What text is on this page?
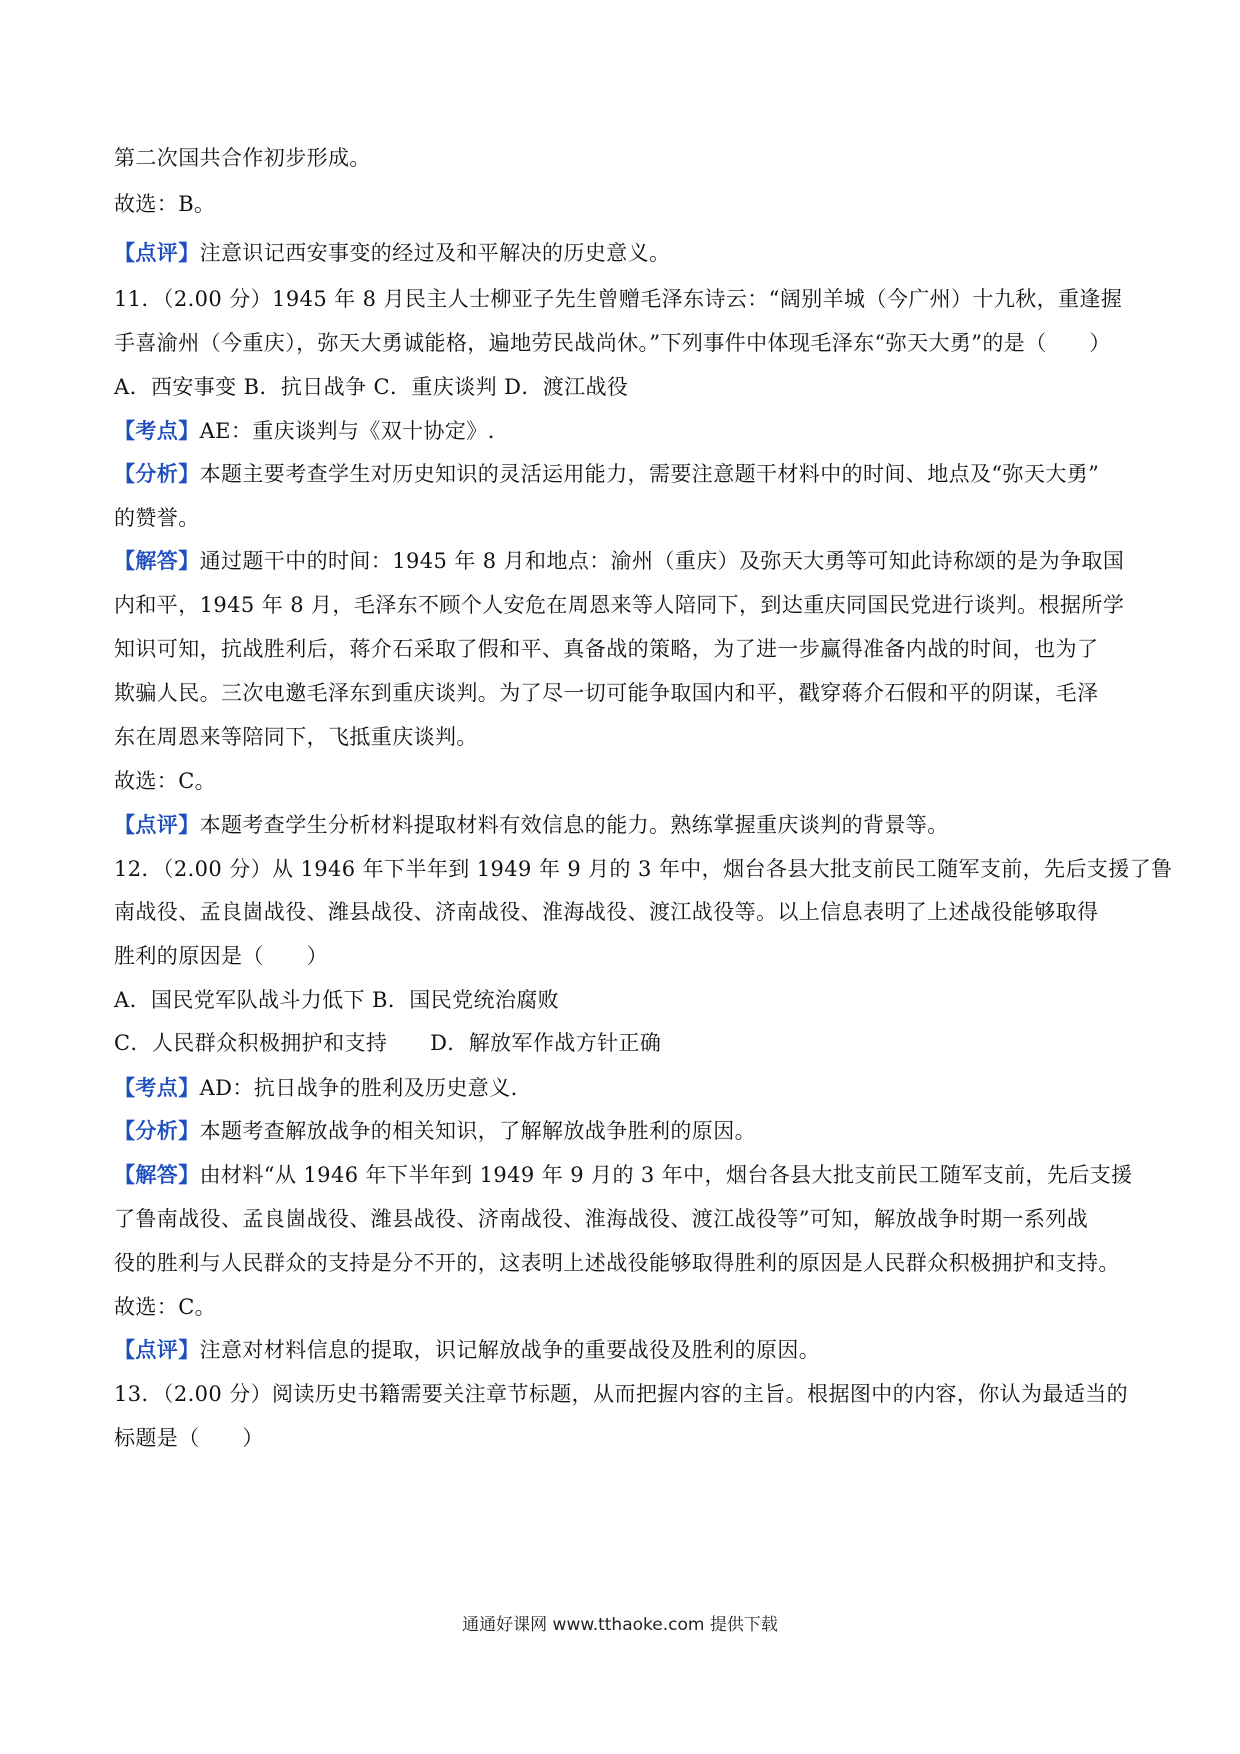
第二次国共合作初步形成。
故选：B。
【点评】注意识记西安事变的经过及和平解决的历史意义。
11．（2.00 分）1945 年 8 月民主人士柳亚子先生曾赠毛泽东诗云：“阔别羊城（今广州）十九秋，重逢握
手喜渝州（今重庆），弥天大勇诚能格，遍地劳民战尚休。”下列事件中体现毛泽东“弥天大勇”的是（　　）
A．西安事变 B．抗日战争 C．重庆谈判 D．渡江战役
【考点】AE：重庆谈判与《双十协定》.
【分析】本题主要考查学生对历史知识的灵活运用能力，需要注意题干材料中的时间、地点及“弥天大勇”
的赞誉。
【解答】通过题干中的时间：1945 年 8 月和地点：渝州（重庆）及弥天大勇等可知此诗称颂的是为争取国
内和平，1945 年 8 月，毛泽东不顾个人安危在周恩来等人陪同下，到达重庆同国民党进行谈判。根据所学
知识可知，抗战胜利后，蒋介石采取了假和平、真备战的策略，为了进一步赢得准备内战的时间，也为了
欺骗人民。三次电邀毛泽东到重庆谈判。为了尽一切可能争取国内和平，戳穿蒋介石假和平的阴谋，毛泽
东在周恩来等陪同下，飞抵重庆谈判。
故选：C。
【点评】本题考查学生分析材料提取材料有效信息的能力。熟练掌握重庆谈判的背景等。
12．（2.00 分）从 1946 年下半年到 1949 年 9 月的 3 年中，烟台各县大批支前民工随军支前，先后支援了鲁
南战役、孟良崮战役、潍县战役、济南战役、淮海战役、渡江战役等。以上信息表明了上述战役能够取得
胜利的原因是（　　）
A．国民党军队战斗力低下 B．国民党统治腐败
C．人民群众积极拥护和支持　　D．解放军作战方针正确
【考点】AD：抗日战争的胜利及历史意义.
【分析】本题考查解放战争的相关知识，了解解放战争胜利的原因。
【解答】由材料“从 1946 年下半年到 1949 年 9 月的 3 年中，烟台各县大批支前民工随军支前，先后支援
了鲁南战役、孟良崮战役、潍县战役、济南战役、淮海战役、渡江战役等”可知，解放战争时期一系列战
役的胜利与人民群众的支持是分不开的，这表明上述战役能够取得胜利的原因是人民群众积极拥护和支持。
故选：C。
【点评】注意对材料信息的提取，识记解放战争的重要战役及胜利的原因。
13．（2.00 分）阅读历史书籍需要关注章节标题，从而把握内容的主旨。根据图中的内容，你认为最适当的
标题是（　　）
通通好课网 www.tthaoke.com 提供下载
